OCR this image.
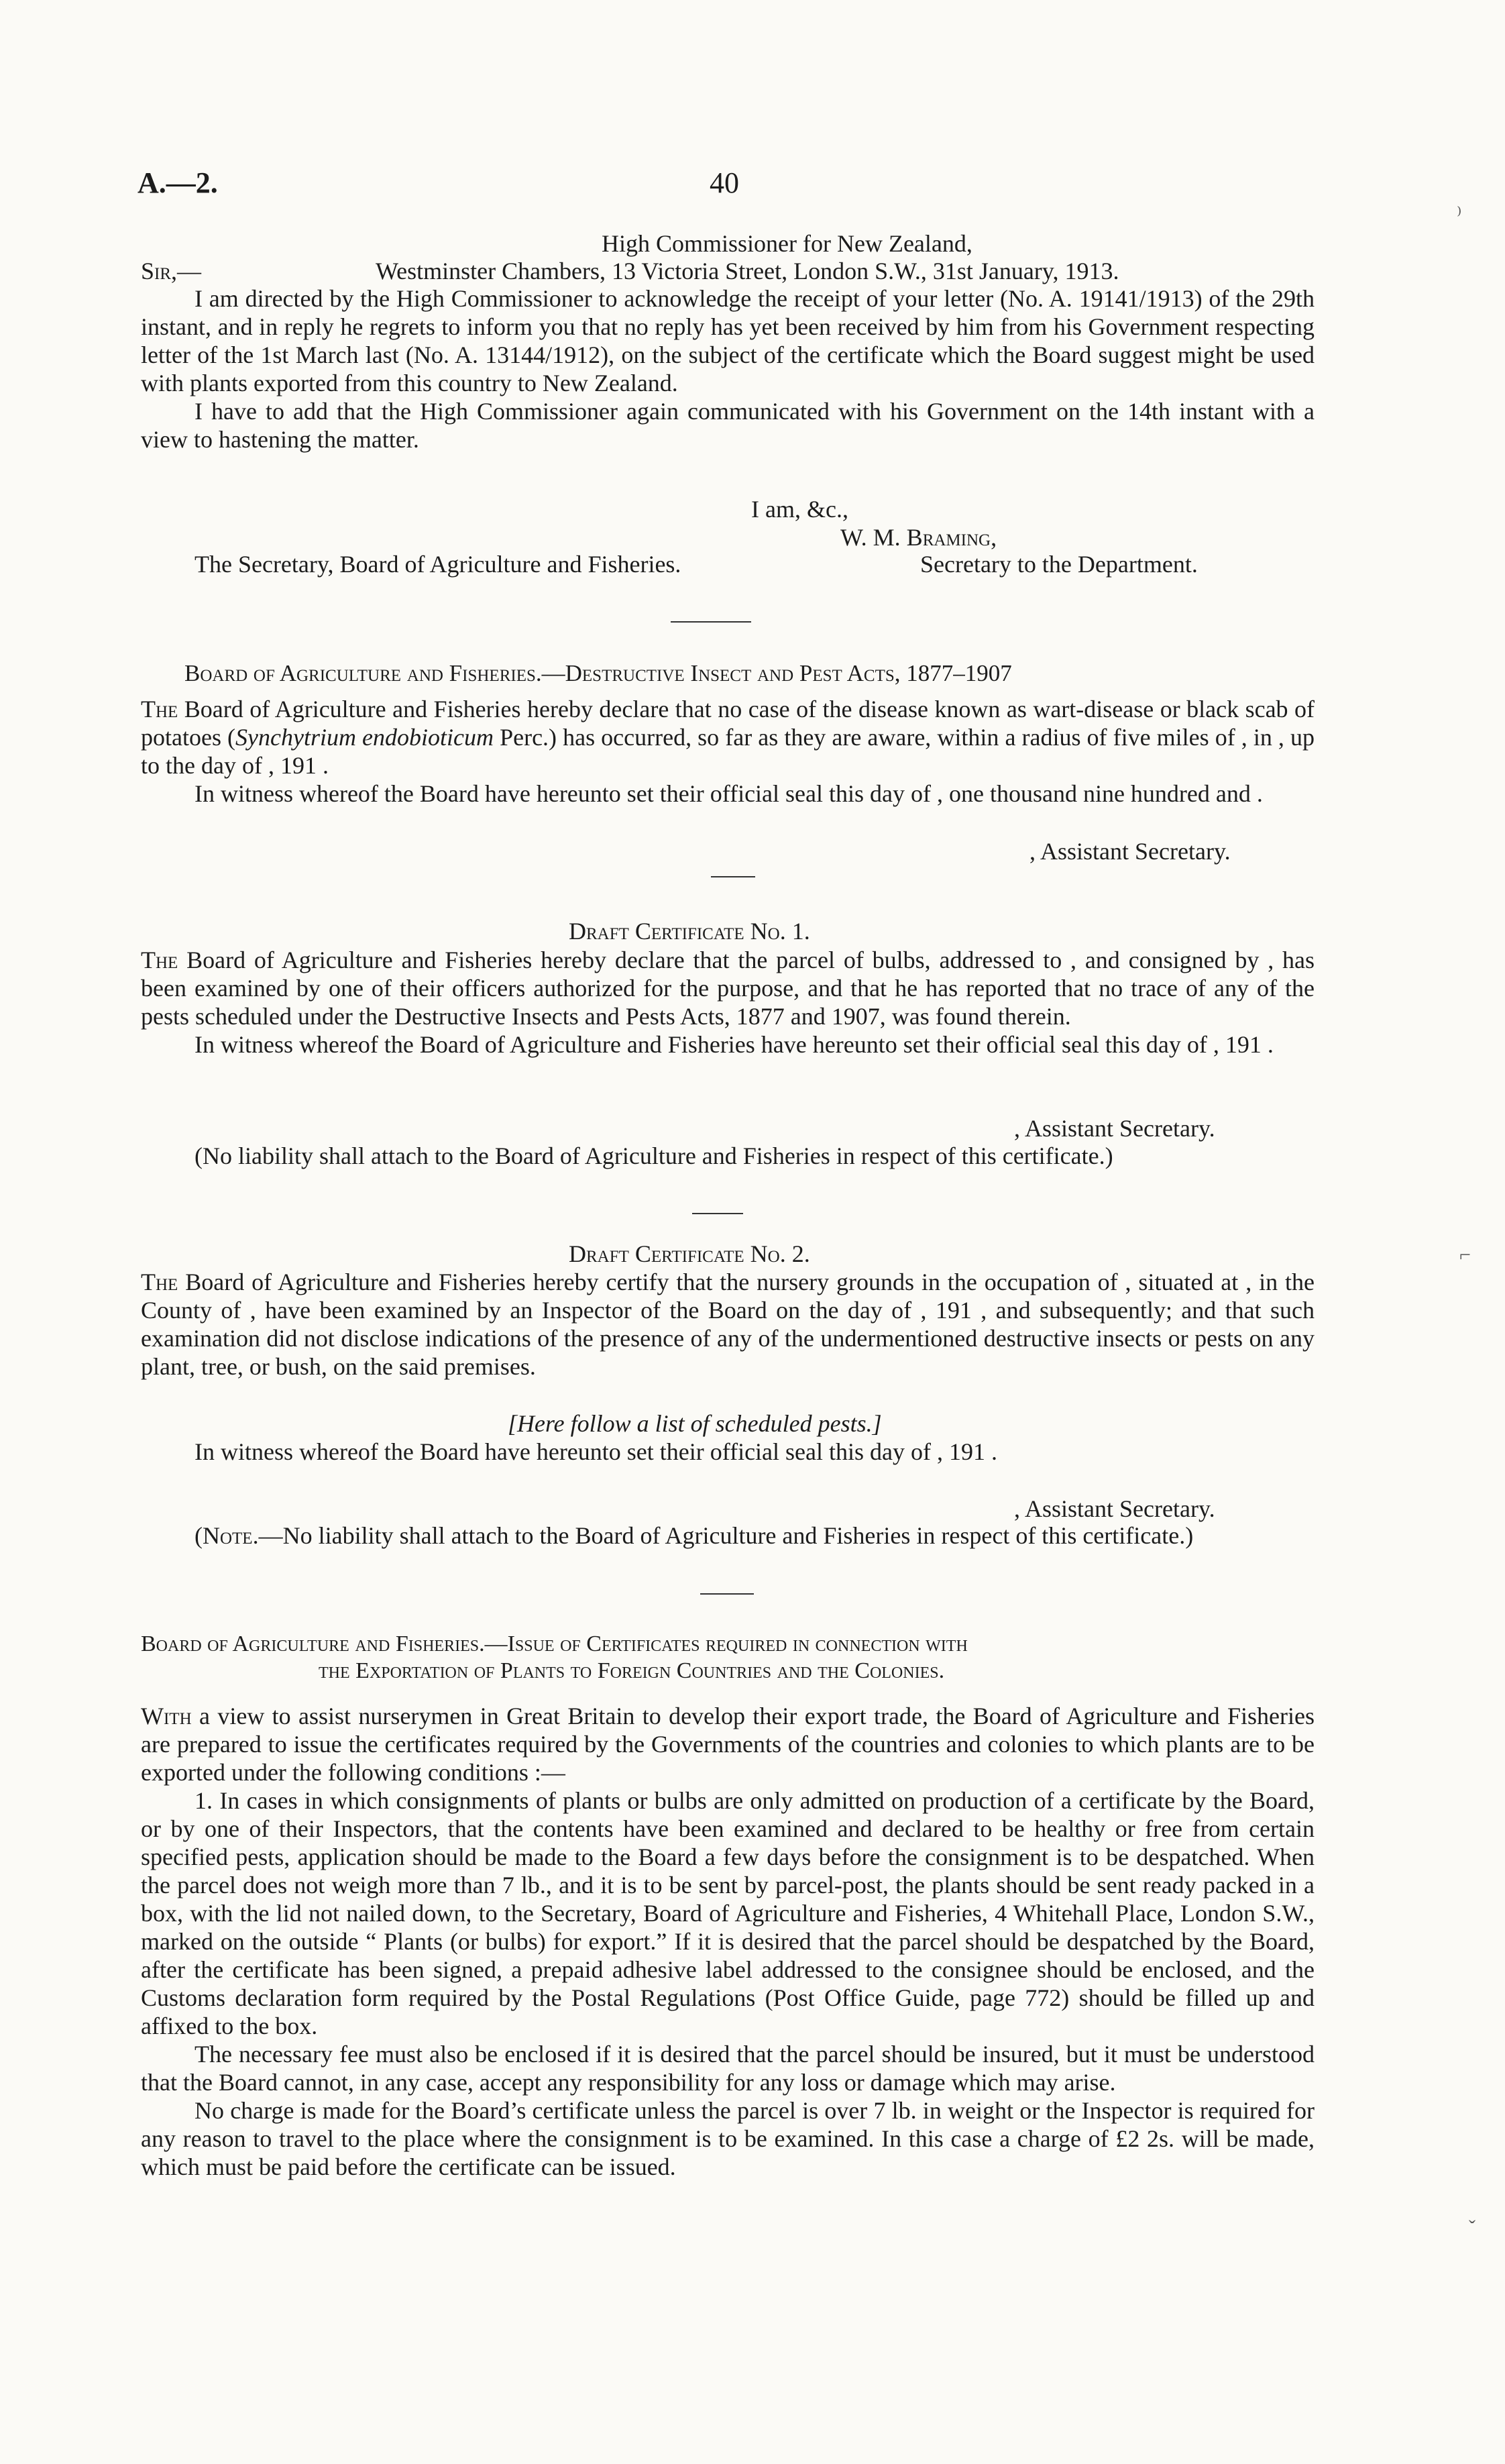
A.—2.	40
High Commissioner for New Zealand,
Sir,—	Westminster Chambers, 13 Victoria Street, London S.W., 31st January, 1913.

I am directed by the High Commissioner to acknowledge the receipt of your letter (No. A. 19141/1913) of the 29th instant, and in reply he regrets to inform you that no reply has yet been received by him from his Government respecting letter of the 1st March last (No. A. 13144/1912), on the subject of the certificate which the Board suggest might be used with plants exported from this country to New Zealand.

I have to add that the High Commissioner again communicated with his Government on the 14th instant with a view to hastening the matter.

I am, &c.,
W. M. Braming,
The Secretary, Board of Agriculture and Fisheries.	Secretary to the Department.
Board of Agriculture and Fisheries.—Destructive Insect and Pest Acts, 1877–1907

The Board of Agriculture and Fisheries hereby declare that no case of the disease known as wart-disease or black scab of potatoes (Synchytrium endobioticum Perc.) has occurred, so far as they are aware, within a radius of five miles of , in , up to the day of , 191 .

In witness whereof the Board have hereunto set their official seal this day of , one thousand nine hundred and .

, Assistant Secretary.
Draft Certificate No. 1.

The Board of Agriculture and Fisheries hereby declare that the parcel of bulbs, addressed to , and consigned by , has been examined by one of their officers authorized for the purpose, and that he has reported that no trace of any of the pests scheduled under the Destructive Insects and Pests Acts, 1877 and 1907, was found therein.

In witness whereof the Board of Agriculture and Fisheries have hereunto set their official seal this day of , 191 .

, Assistant Secretary.
(No liability shall attach to the Board of Agriculture and Fisheries in respect of this certificate.)
Draft Certificate No. 2.

The Board of Agriculture and Fisheries hereby certify that the nursery grounds in the occupation of , situated at , in the County of , have been examined by an Inspector of the Board on the day of , 191 , and subsequently; and that such examination did not disclose indications of the presence of any of the undermentioned destructive insects or pests on any plant, tree, or bush, on the said premises.

[Here follow a list of scheduled pests.]

In witness whereof the Board have hereunto set their official seal this day of , 191 .

, Assistant Secretary.

(Note.—No liability shall attach to the Board of Agriculture and Fisheries in respect of this certificate.)

Board of Agriculture and Fisheries.—Issue of Certificates required in connection with
the Exportation of Plants to Foreign Countries and the Colonies.

With a view to assist nurserymen in Great Britain to develop their export trade, the Board of Agriculture and Fisheries are prepared to issue the certificates required by the Governments of the countries and colonies to which plants are to be exported under the following conditions :—

1. In cases in which consignments of plants or bulbs are only admitted on production of a certificate by the Board, or by one of their Inspectors, that the contents have been examined and declared to be healthy or free from certain specified pests, application should be made to the Board a few days before the consignment is to be despatched. When the parcel does not weigh more than 7 lb., and it is to be sent by parcel-post, the plants should be sent ready packed in a box, with the lid not nailed down, to the Secretary, Board of Agriculture and Fisheries, 4 Whitehall Place, London S.W., marked on the outside “ Plants (or bulbs) for export.” If it is desired that the parcel should be despatched by the Board, after the certificate has been signed, a prepaid adhesive label addressed to the consignee should be enclosed, and the Customs declaration form required by the Postal Regulations (Post Office Guide, page 772) should be filled up and affixed to the box.

The necessary fee must also be enclosed if it is desired that the parcel should be insured, but it must be understood that the Board cannot, in any case, accept any responsibility for any loss or damage which may arise.

No charge is made for the Board’s certificate unless the parcel is over 7 lb. in weight or the Inspector is required for any reason to travel to the place where the consignment is to be examined. In this case a charge of £2 2s. will be made, which must be paid before the certificate can be issued.

⁾
⌐
ˇ
